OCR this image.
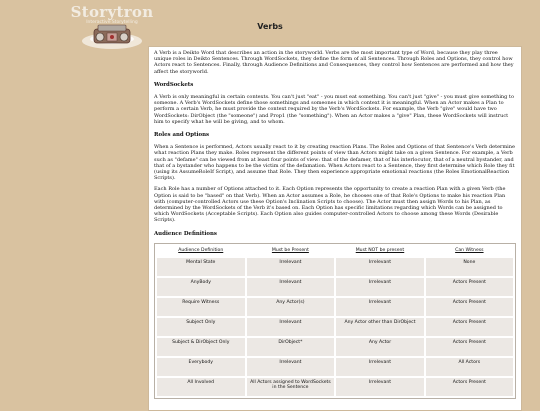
Storytron
Interactive Storytelling	Verbs

A Verb is a Deikto Word that describes an action in the storyworld. Verbs are the most important type of Word, because they play three unique roles in Deikto Sentences. Through WordSockets, they define the form of all Sentences. Through Roles and Options, they control how Actors react to Sentences. Finally, through Audience Definitions and Consequences, they control how Sentences are performed and how they affect the storyworld.

WordSockets

A Verb is only meaningful in certain contexts. You can't just "eat" - you must eat something. You can't just "give" - you must give something to someone. A Verb's WordSockets define those somethings and someones in which context it is meaningful. When an Actor makes a Plan to perform a certain Verb, he must provide the context required by the Verb's WordSockets. For example, the Verb "give" would have two WordSockets: DirObject (the "someone") and Prop1 (the "something"). When an Actor makes a "give" Plan, these WordSockets will instruct him to specify what he will be giving, and to whom.

Roles and Options

When a Sentence is performed, Actors usually react to it by creating reaction Plans. The Roles and Options of that Sentence's Verb determine what reaction Plans they make. Roles represent the different points of view than Actors might take on a given Sentence. For example, a Verb such as "defame" can be viewed from at least four points of view: that of the defamer, that of his interlocutor, that of a neutral bystander, and that of a bystander who happens to be the victim of the defamation. When Actors react to a Sentence, they first determine which Role they fit (using its AssumeRoleIf Script), and assume that Role. They then experience appropriate emotional reactions (the Roles EmotionalReaction Scripts).

Each Role has a number of Options attached to it. Each Option represents the opportunity to create a reaction Plan with a given Verb (the Option is said to be "based" on that Verb). When an Actor assumes a Role, he chooses one of that Role's Options to make his reaction Plan with (computer-controlled Actors use these Option's Inclination Scripts to choose). The Actor must then assign Words to his Plan, as determined by the WordSockets of the Verb it's based on. Each Option has specific limitations regarding which Words can be assigned to which WordSockets (Acceptable Scripts). Each Option also guides computer-controlled Actors to choose among these Words (Desirable Scripts).

Audience Definitions
Audience Definition	Must be Present	Must NOT be present	Can Witness
Mental State	Irrelevant	Irrelevant	None
AnyBody	Irrelevant	Irrelevant	Actors Present
Require Witness	Any Actor(s)	Irrelevant	Actors Present
Subject Only	Irrelevant	Any Actor other than DirObject	Actors Present
Subject & DirObject Only	DirObject*	Any Actor	Actors Present
Everybody	Irrelevant	Irrelevant	All Actors
All Involved	All Actors assigned to WordSockets in the Sentence	Irrelevant	Actors Present
